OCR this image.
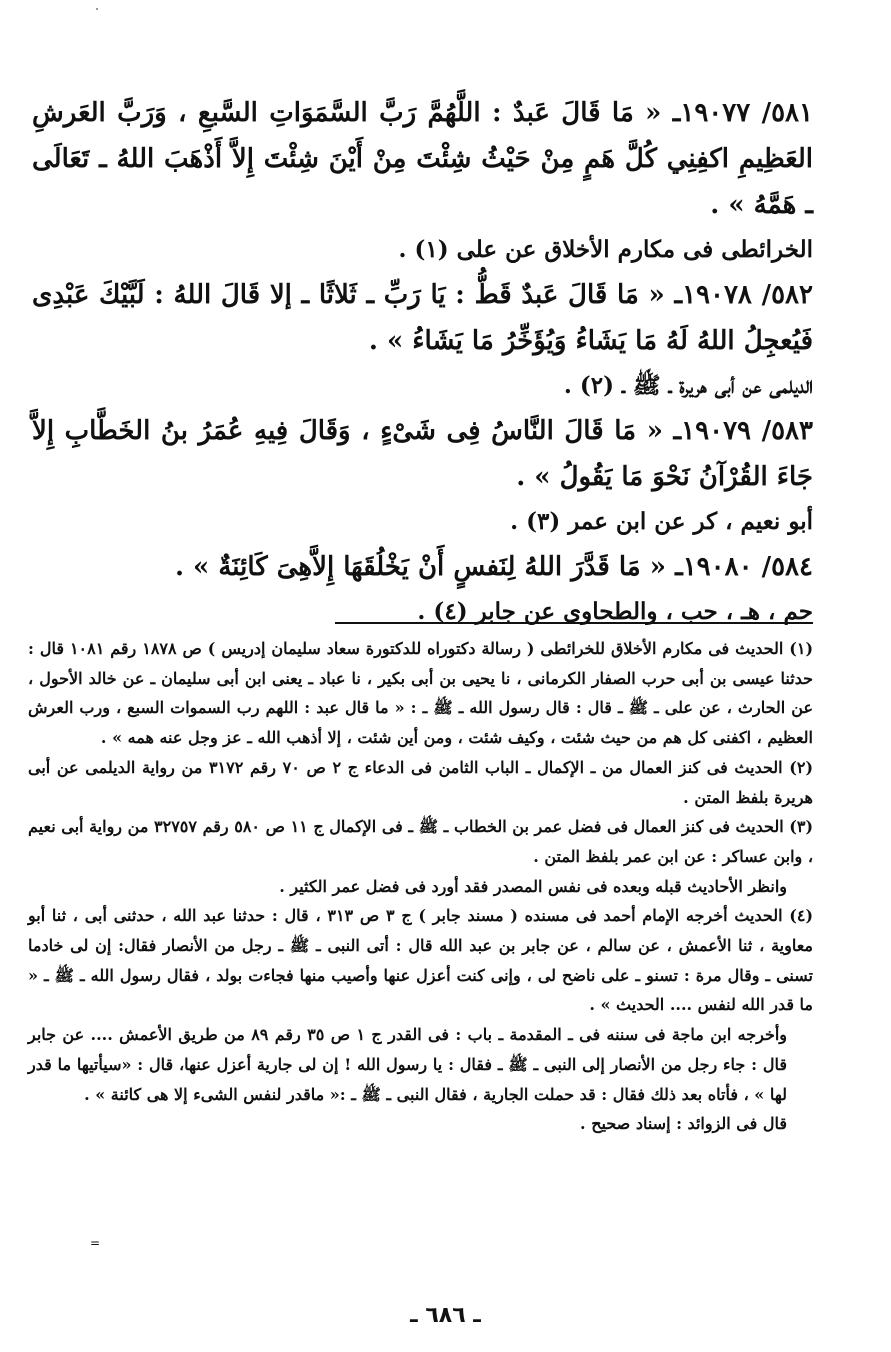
٥٨١/ ١٩٠٧٧ـ « مَا قَالَ عَبدٌ : اللَّهُمَّ رَبَّ السَّمَوَاتِ السَّبعِ ، وَرَبَّ العَرشِ العَظِيمِ اكفِنِي كُلَّ هَمٍ مِنْ حَيْثُ شِئْتَ مِنْ أَيْنَ شِئْتَ إِلاَّ أَذْهَبَ اللهُ ـ تَعَالَى ـ هَمَّهُ » .

الخرائطى فى مكارم الأخلاق عن على (١) .

٥٨٢/ ١٩٠٧٨ـ « مَا قَالَ عَبدٌ قَطُّ : يَا رَبِّ ـ ثَلاثًا ـ إلا قَالَ اللهُ : لَبَّيْكَ عَبْدِى فَيُعجِلُ اللهُ لَهُ مَا يَشَاءُ وَيُؤَخِّرُ مَا يَشَاءُ » .

الديلمى عن أبى هريرة ـ ﷺ ـ (٢) .

٥٨٣/ ١٩٠٧٩ـ « مَا قَالَ النَّاسُ فِى شَىْءٍ ، وَقَالَ فِيهِ عُمَرُ بنُ الخَطَّابِ إِلاَّ جَاءَ القُرْآنُ نَحْوَ مَا يَقُولُ » .

أبو نعيم ، كر عن ابن عمر (٣) .

٥٨٤/ ١٩٠٨٠ـ « مَا قَدَّرَ اللهُ لِنَفسٍ أَنْ يَخْلُقَهَا إِلاَّهِىَ كَائِنَةٌ » .

حم ، هـ ، حب ، والطحاوى عن جابر (٤) .

(١) الحديث فى مكارم الأخلاق للخرائطى ( رسالة دكتوراه للدكتورة سعاد سليمان إدريس ) ص ١٨٧٨ رقم ١٠٨١ قال : حدثنا عيسى بن أبى حرب الصفار الكرمانى ، نا يحيى بن أبى بكير ، نا عباد ـ يعنى ابن أبى سليمان ـ عن خالد الأحول ، عن الحارث ، عن على ـ ﷺ ـ قال : قال رسول الله ـ ﷺ ـ : « ما قال عبد : اللهم رب السموات السبع ، ورب العرش العظيم ، اكفنى كل هم من حيث شئت ، وكيف شئت ، ومن أين شئت ، إلا أذهب الله ـ عز وجل عنه همه » .
(٢) الحديث فى كنز العمال من ـ الإكمال ـ الباب الثامن فى الدعاء ج ٢ ص ٧٠ رقم ٣١٧٢ من رواية الديلمى عن أبى هريرة بلفظ المتن .
(٣) الحديث فى كنز العمال فى فضل عمر بن الخطاب ـ ﷺ ـ فى الإكمال ج ١١ ص ٥٨٠ رقم ٣٢٧٥٧ من رواية أبى نعيم ، وابن عساكر : عن ابن عمر بلفظ المتن .
وانظر الأحاديث قبله وبعده فى نفس المصدر فقد أورد فى فضل عمر الكثير .
(٤) الحديث أخرجه الإمام أحمد فى مسنده ( مسند جابر ) ج ٣ ص ٣١٣ ، قال : حدثنا عبد الله ، حدثنى أبى ، ثنا أبو معاوية ، ثنا الأعمش ، عن سالم ، عن جابر بن عبد الله قال : أتى النبى ـ ﷺ ـ رجل من الأنصار فقال: إن لى خادما تسنى ـ وقال مرة : تسنو ـ على ناضح لى ، وإنى كنت أعزل عنها وأصيب منها فجاءت بولد ، فقال رسول الله ـ ﷺ ـ « ما قدر الله لنفس .... الحديث » .
وأخرجه ابن ماجة فى سننه فى ـ المقدمة ـ باب : فى القدر ج ١ ص ٣٥ رقم ٨٩ من طريق الأعمش .... عن جابر قال : جاء رجل من الأنصار إلى النبى ـ ﷺ ـ فقال : يا رسول الله ! إن لى جارية أعزل عنها، قال : «سيأتيها ما قدر لها » ، فأتاه بعد ذلك فقال : قد حملت الجارية ، فقال النبى ـ ﷺ ـ :« ماقدر لنفس الشىء إلا هى كائنة » .
قال فى الزوائد : إسناد صحيح .
=
ـ ٦٨٦ ـ
